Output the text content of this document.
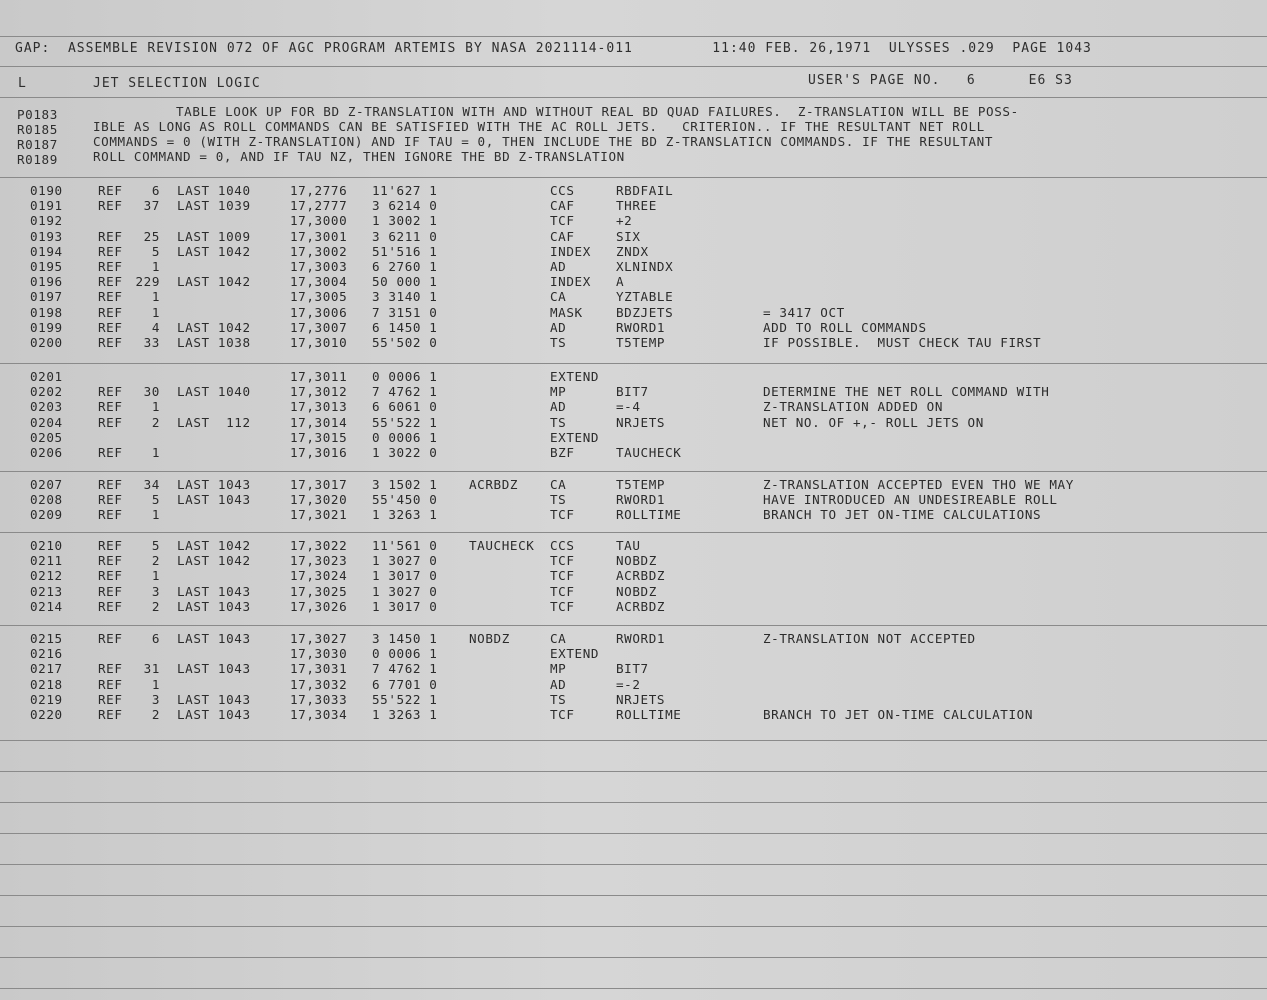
GAP:  ASSEMBLE REVISION 072 OF AGC PROGRAM ARTEMIS BY NASA 2021114-011         11:40 FEB. 26,1971  ULYSSES .029  PAGE 1043
L	JET SELECTION LOGIC	USER'S PAGE NO.   6      E6 S3
P0183	TABLE LOOK UP FOR BD Z-TRANSLATION WITH AND WITHOUT REAL BD QUAD FAILURES.  Z-TRANSLATION WILL BE POSS-
R0185	IBLE AS LONG AS ROLL COMMANDS CAN BE SATISFIED WITH THE AC ROLL JETS.   CRITERION.. IF THE RESULTANT NET ROLL
R0187	COMMANDS = 0 (WITH Z-TRANSLATION) AND IF TAU = 0, THEN INCLUDE THE BD Z-TRANSLATICN COMMANDS. IF THE RESULTANT
R0189	ROLL COMMAND = 0, AND IF TAU NZ, THEN IGNORE THE BD Z-TRANSLATION
0190	REF	6 LAST 1040	17,2776 11'627 1	CCS	RBDFAIL
0191	REF	37 LAST 1039	17,2777 3 6214 0	CAF	THREE
0192	17,3000 1 3002 1	TCF	+2
0193	REF	25 LAST 1009	17,3001 3 6211 0	CAF	SIX
0194	REF	5 LAST 1042	17,3002 51'516 1	INDEX ZNDX
0195	REF	1	17,3003 6 2760 1	AD	XLNINDX
0196	REF	229 LAST 1042	17,3004 50 000 1	INDEX A
0197	REF	1	17,3005 3 3140 1	CA	YZTABLE
0198	REF	1	17,3006 7 3151 0	MASK	BDZJETS	= 3417 OCT
0199	REF	4 LAST 1042	17,3007 6 1450 1	AD	RWORD1	ADD TO ROLL COMMANDS
0200	REF	33 LAST 1038	17,3010 55'502 0	TS	T5TEMP	IF POSSIBLE.  MUST CHECK TAU FIRST
0201	17,3011 0 0006 1	EXTEND
0202	REF	30 LAST 1040	17,3012 7 4762 1	MP	BIT7	DETERMINE THE NET ROLL COMMAND WITH
0203	REF	1	17,3013 6 6061 0	AD	=-4	Z-TRANSLATION ADDED ON
0204	REF	2 LAST  112	17,3014 55'522 1	TS	NRJETS	NET NO. OF +,- ROLL JETS ON
0205	17,3015 0 0006 1	EXTEND
0206	REF	1	17,3016 1 3022 0	BZF	TAUCHECK
0207	REF	34 LAST 1043	17,3017 3 1502 1	ACRBDZ	CA	T5TEMP	Z-TRANSLATION ACCEPTED EVEN THO WE MAY
0208	REF	5 LAST 1043	17,3020 55'450 0	TS	RWORD1	HAVE INTRODUCED AN UNDESIREABLE ROLL
0209	REF	1	17,3021 1 3263 1	TCF	ROLLTIME	BRANCH TO JET ON-TIME CALCULATIONS
0210	REF	5 LAST 1042	17,3022 11'561 0	TAUCHECK CCS	TAU
0211	REF	2 LAST 1042	17,3023 1 3027 0	TCF	NOBDZ
0212	REF	1	17,3024 1 3017 0	TCF	ACRBDZ
0213	REF	3 LAST 1043	17,3025 1 3027 0	TCF	NOBDZ
0214	REF	2 LAST 1043	17,3026 1 3017 0	TCF	ACRBDZ
0215	REF	6 LAST 1043	17,3027 3 1450 1	NOBDZ	CA	RWORD1	Z-TRANSLATION NOT ACCEPTED
0216	17,3030 0 0006 1	EXTEND
0217	REF	31 LAST 1043	17,3031 7 4762 1	MP	BIT7
0218	REF	1	17,3032 6 7701 0	AD	=-2
0219	REF	3 LAST 1043	17,3033 55'522 1	TS	NRJETS
0220	REF	2 LAST 1043	17,3034 1 3263 1	TCF	ROLLTIME	BRANCH TO JET ON-TIME CALCULATION
